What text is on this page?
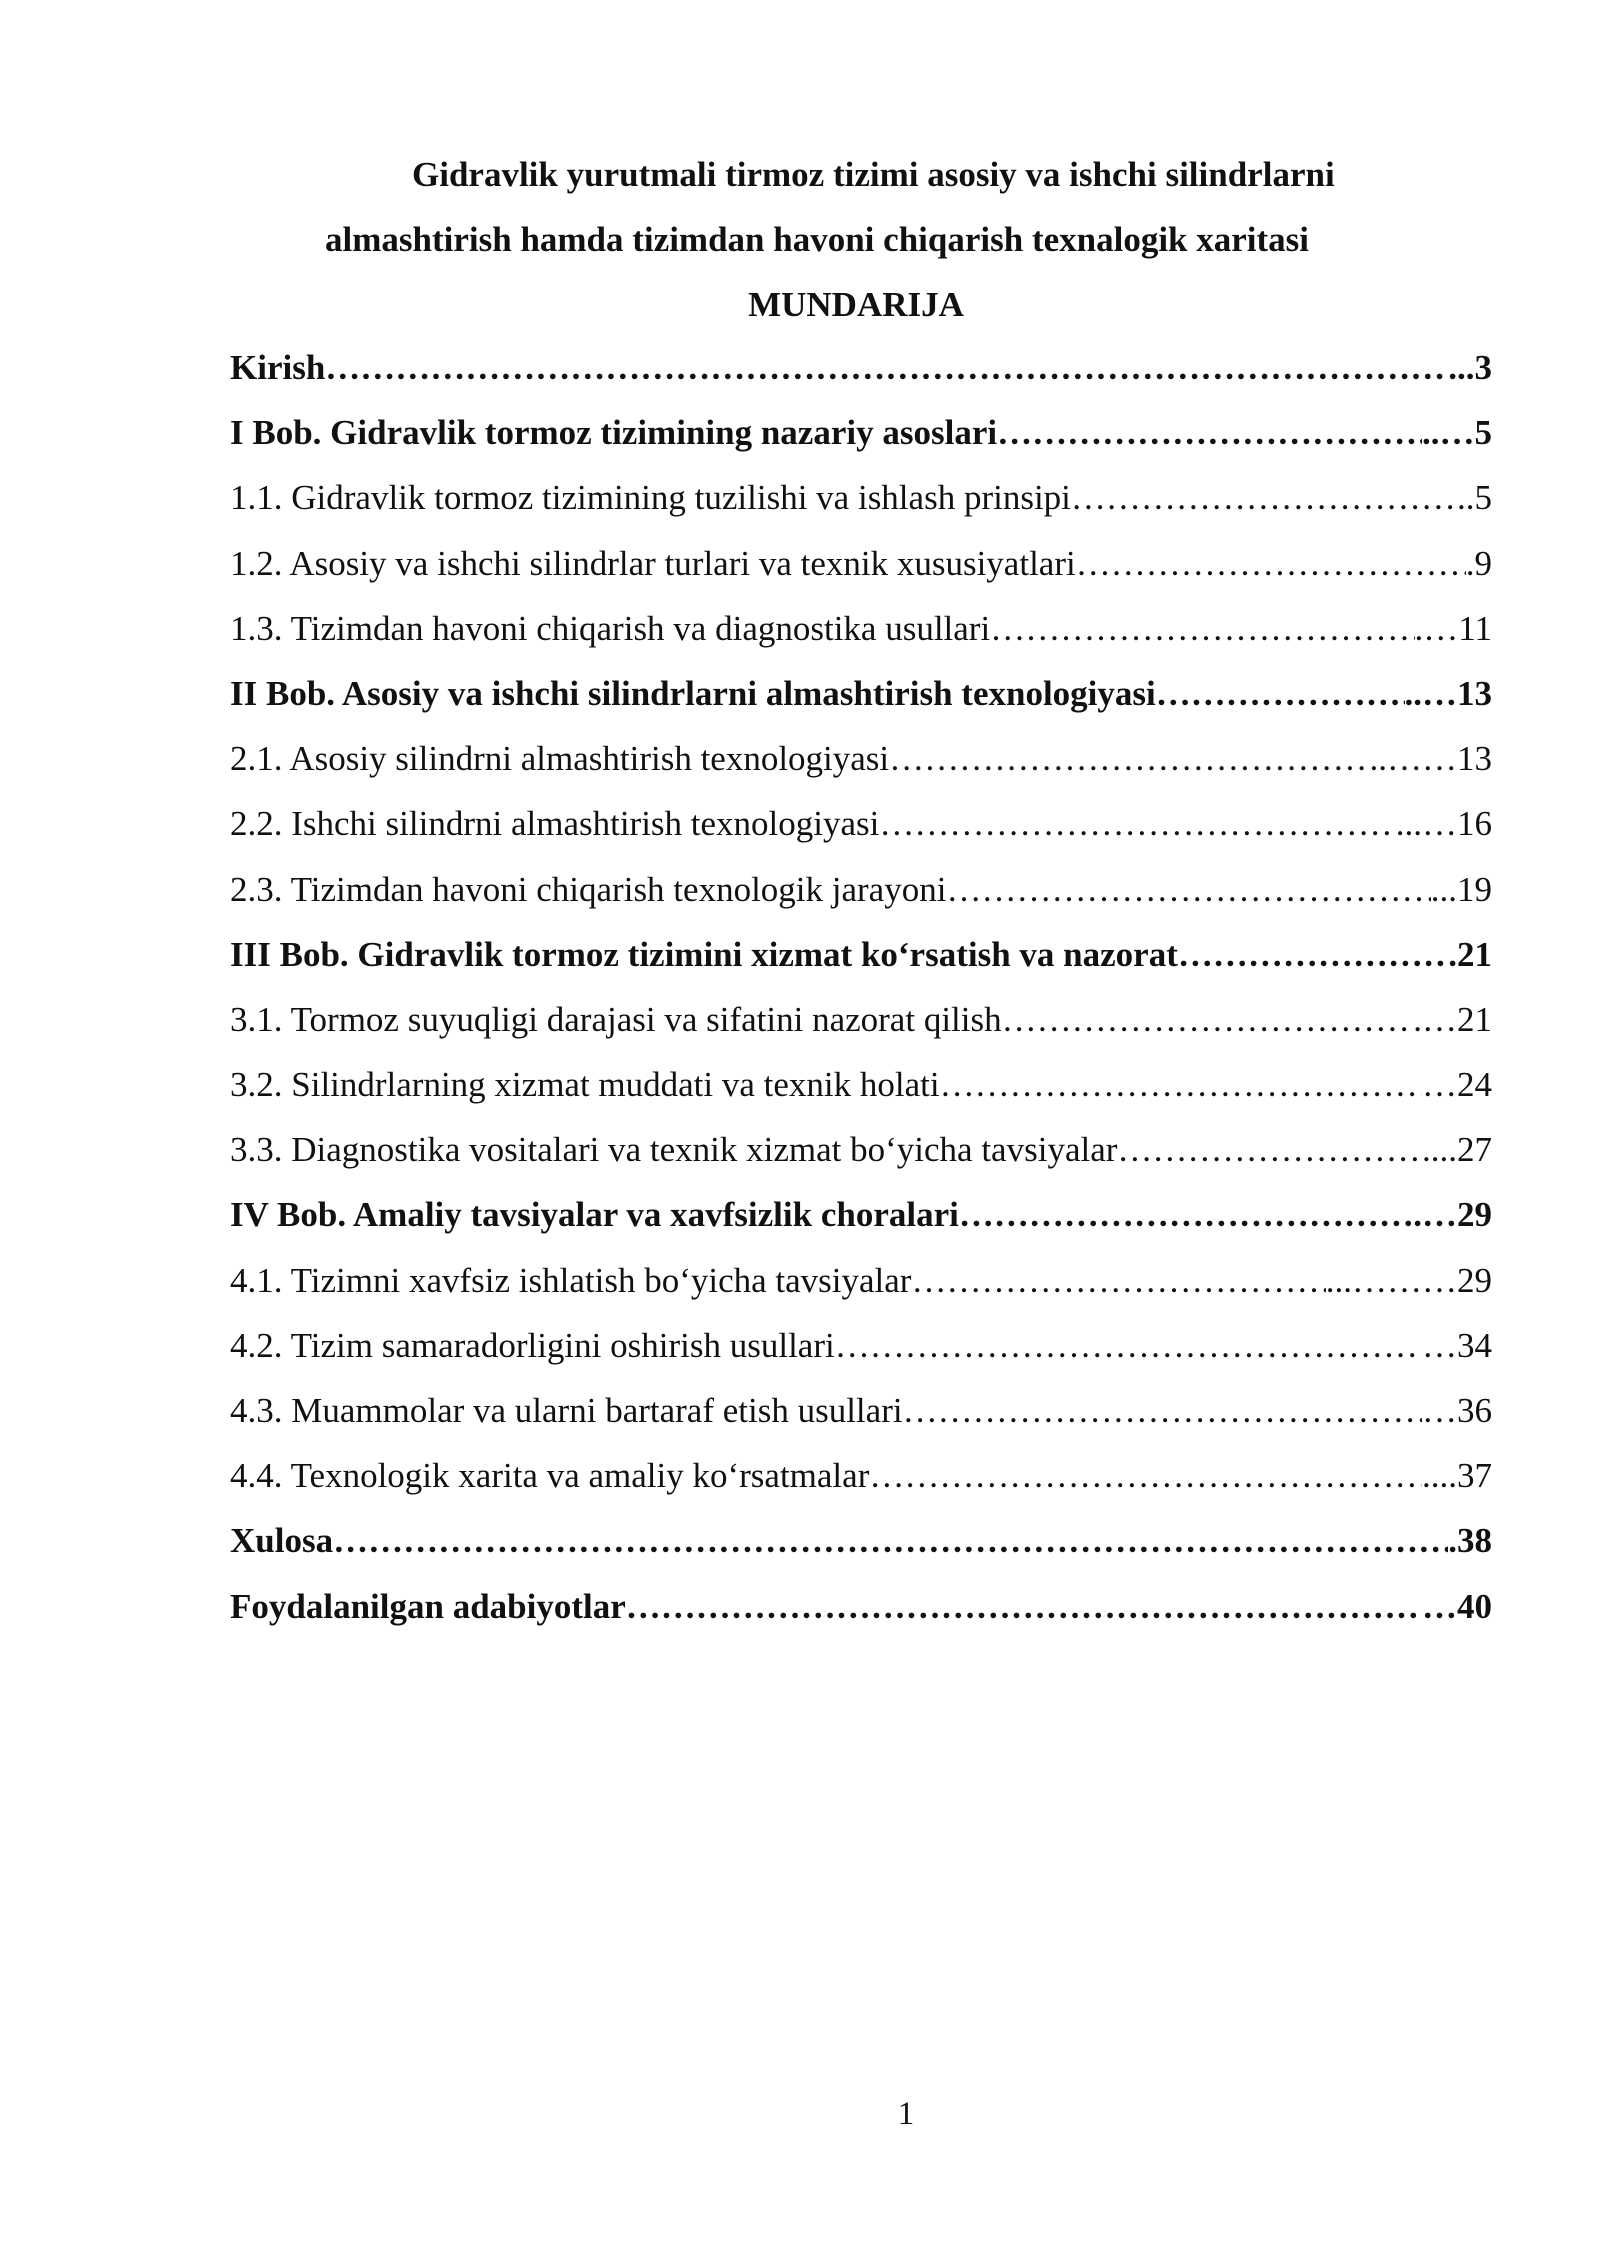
Gidravlik yurutmali tirmoz tizimi asosiy va ishchi silindrlarni
almashtirish hamda tizimdan havoni chiqarish texnalogik xaritasi
MUNDARIJA
Kirish …………………………………………………………………………………………………………………………………………………………	...3
I Bob. Gidravlik tormoz tizimining nazariy asoslari …………………………………………………………………………………………………………………………………………………………	..…5
1.1. Gidravlik tormoz tizimining tuzilishi va ishlash prinsipi …………………………………………………………………………………………………………………………………………………………	..5
1.2. Asosiy va ishchi silindrlar turlari va texnik xususiyatlari …………………………………………………………………………………………………………………………………………………………	.9
1.3. Tizimdan havoni chiqarish va diagnostika usullari …………………………………………………………………………………………………………………………………………………………	.…11
II Bob. Asosiy va ishchi silindrlarni almashtirish texnologiyasi …………………………………………………………………………………………………………………………………………………………	..…13
2.1. Asosiy silindrni almashtirish texnologiyasi …………………………………………………………………………………………………………………………………………………………	..……13
2.2. Ishchi silindrni almashtirish texnologiyasi …………………………………………………………………………………………………………………………………………………………	...…16
2.3. Tizimdan havoni chiqarish texnologik jarayoni …………………………………………………………………………………………………………………………………………………………	...19
III Bob. Gidravlik tormoz tizimini xizmat ko‘rsatish va nazorat …………………………………………………………………………………………………………………………………………………………	.21
3.1. Tormoz suyuqligi darajasi va sifatini nazorat qilish …………………………………………………………………………………………………………………………………………………………	.…21
3.2. Silindrlarning xizmat muddati va texnik holati …………………………………………………………………………………………………………………………………………………………	…24
3.3. Diagnostika vositalari va texnik xizmat bo‘yicha tavsiyalar …………………………………………………………………………………………………………………………………………………………	....27
IV Bob. Amaliy tavsiyalar va xavfsizlik choralari …………………………………………………………………………………………………………………………………………………………	.…29
4.1. Tizimni xavfsiz ishlatish bo‘yicha tavsiyalar …………………………………………………………………………………………………………………………………………………………	...………29
4.2. Tizim samaradorligini oshirish usullari …………………………………………………………………………………………………………………………………………………………	…34
4.3. Muammolar va ularni bartaraf etish usullari …………………………………………………………………………………………………………………………………………………………	…36
4.4. Texnologik xarita va amaliy ko‘rsatmalar …………………………………………………………………………………………………………………………………………………………	....37
Xulosa …………………………………………………………………………………………………………………………………………………………	.38
Foydalanilgan adabiyotlar …………………………………………………………………………………………………………………………………………………………	…40
1
